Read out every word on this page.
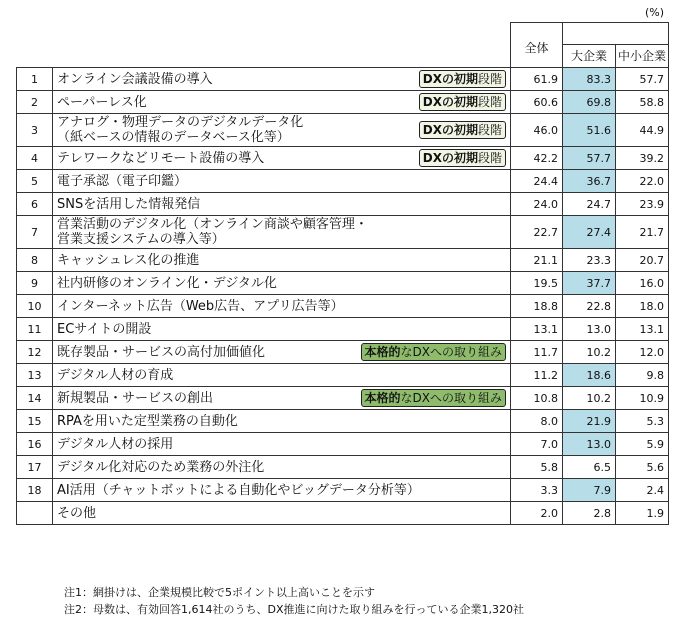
(%)
		全体		
			大企業	中小企業
1	オンライン会議設備の導入 DXの初期段階	61.9	83.3	57.7
2	ペーパーレス化 DXの初期段階	60.6	69.8	58.8
3	アナログ・物理データのデジタルデータ化
（紙ベースの情報のデータベース化等） DXの初期段階	46.0	51.6	44.9
4	テレワークなどリモート設備の導入 DXの初期段階	42.2	57.7	39.2
5	電子承認（電子印鑑）	24.4	36.7	22.0
6	SNSを活用した情報発信	24.0	24.7	23.9
7	営業活動のデジタル化（オンライン商談や顧客管理・
営業支援システムの導入等）	22.7	27.4	21.7
8	キャッシュレス化の推進	21.1	23.3	20.7
9	社内研修のオンライン化・デジタル化	19.5	37.7	16.0
10	インターネット広告（Web広告、アプリ広告等）	18.8	22.8	18.0
11	ECサイトの開設	13.1	13.0	13.1
12	既存製品・サービスの高付加価値化 本格的なDXへの取り組み	11.7	10.2	12.0
13	デジタル人材の育成	11.2	18.6	9.8
14	新規製品・サービスの創出 本格的なDXへの取り組み	10.8	10.2	10.9
15	RPAを用いた定型業務の自動化	8.0	21.9	5.3
16	デジタル人材の採用	7.0	13.0	5.9
17	デジタル化対応のため業務の外注化	5.8	6.5	5.6
18	AI活用（チャットボットによる自動化やビッグデータ分析等）	3.3	7.9	2.4

	その他	2.0	2.8	1.9
注1：網掛けは、企業規模比較で5ポイント以上高いことを示す
注2：母数は、有効回答1,614社のうち、DX推進に向けた取り組みを行っている企業1,320社
